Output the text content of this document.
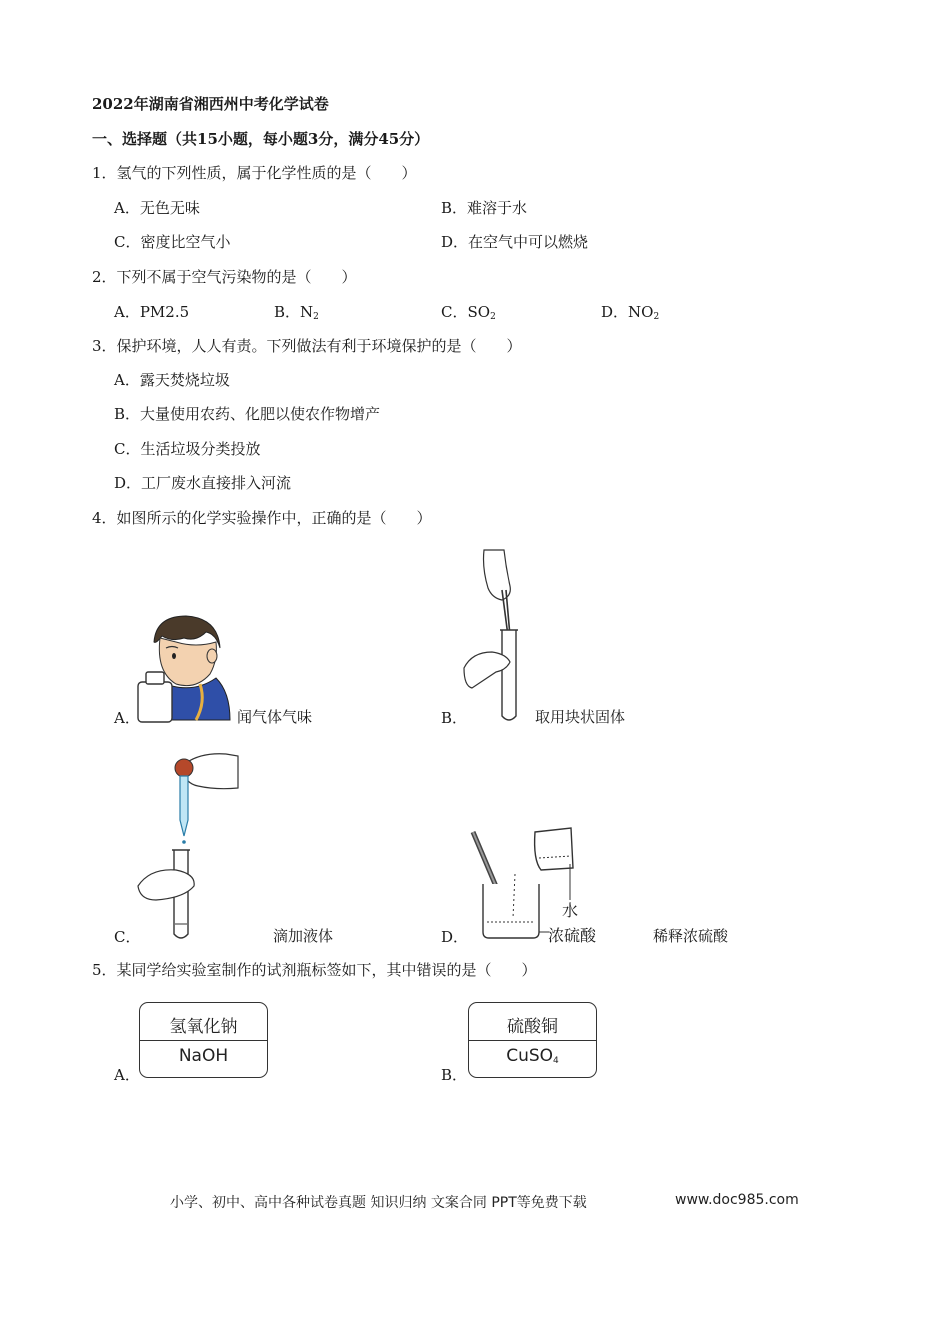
2022年湖南省湘西州中考化学试卷
一、选择题（共15小题，每小题3分，满分45分）
1．氢气的下列性质，属于化学性质的是（　　）
A．无色无味	B．难溶于水
C．密度比空气小	D．在空气中可以燃烧
2．下列不属于空气污染物的是（　　）
A．PM2.5	B．$N_2$	C．$SO_2$	D．$NO_2$
3．保护环境，人人有责。下列做法有利于环境保护的是（　　）
A．露天焚烧垃圾
B．大量使用农药、化肥以使农作物增产
C．生活垃圾分类投放
D．工厂废水直接排入河流
4．如图所示的化学实验操作中，正确的是（　　）
A．	闻气体气味	B．	取用块状固体
C．	滴加液体
水
浓硫酸
D．	稀释浓硫酸
5．某同学给实验室制作的试剂瓶标签如下，其中错误的是（　　）
氢氧化钠
NaOH
A．
硫酸铜
CuSO$_4$
B．
小学、初中、高中各种试卷真题 知识归纳 文案合同 PPT等免费下载	www.doc985.com
